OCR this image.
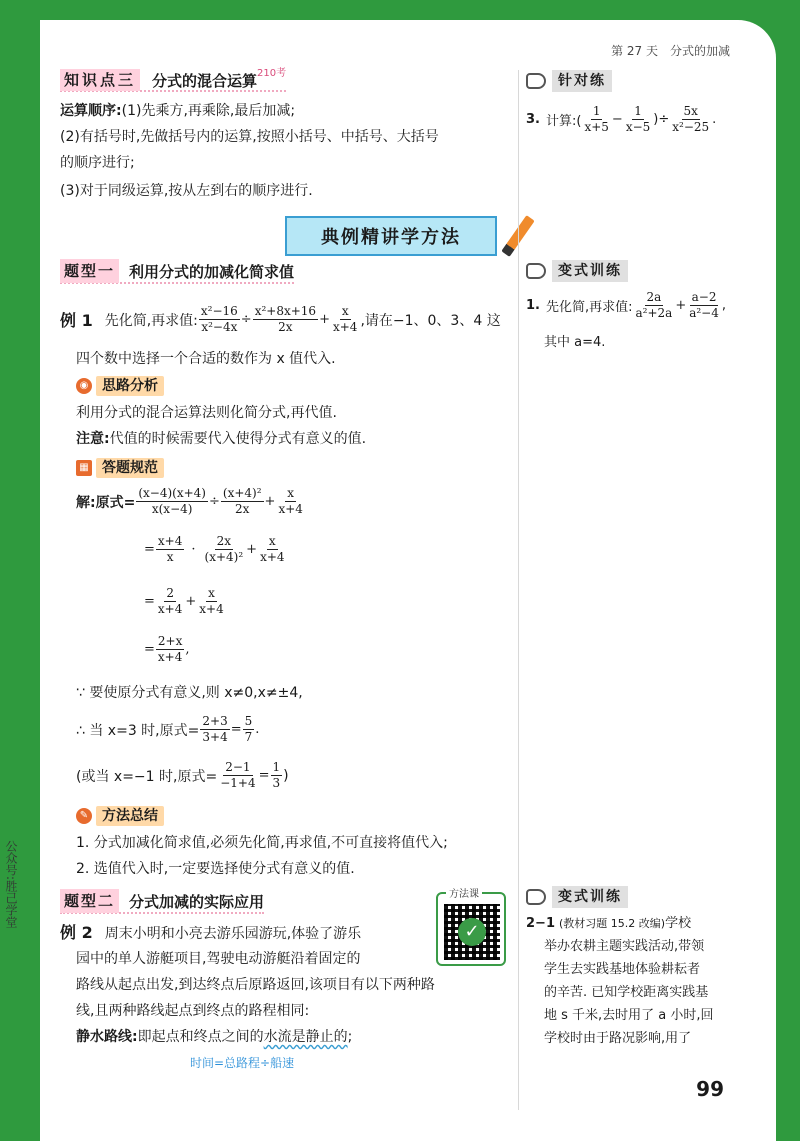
公众号:胜己学堂
第 27 天　分式的加减
知识点三 分式的混合运算$^{210考}$
运算顺序:(1)先乘方,再乘除,最后加减;
(2)有括号时,先做括号内的运算,按照小括号、中括号、大括号
的顺序进行;
(3)对于同级运算,按从左到右的顺序进行.
典例精讲学方法
题型一 利用分式的加减化简求值
例 1 先化简,再求值: $\frac{\text{x²−16}}{\text{x²−4x}} \div \frac{\text{x²+8x+16}}{2x} + \frac{x}{x+4}$ ,请在−1、0、3、4 这
四个数中选择一个合适的数作为 x 值代入.
◉ 思路分析
利用分式的混合运算法则化简分式,再代值.
注意:代值的时候需要代入使得分式有意义的值.
▦ 答题规范
解:原式= $\frac{(x-4)(x+4)}{x(x-4)} \div \frac{\text{(x+4)²}}{2x} + \frac{x}{x+4}$
= $\frac{x+4}{x} \cdot \frac{2x}{\text{(x+4)²}} + \frac{x}{x+4}$
= $\frac{2}{x+4} + \frac{x}{x+4}$
= $\frac{2+x}{x+4}$ ,
∵ 要使原分式有意义,则 x≠0,x≠±4,
∴ 当 x=3 时,原式= $\frac{2+3}{3+4} = \frac{5}{7}$ .
(或当 x=−1 时,原式= $\frac{2-1}{-1+4} = \frac{1}{3}$ )
✎ 方法总结
1. 分式加减化简求值,必须先化简,再求值,不可直接将值代入;
2. 选值代入时,一定要选择使分式有意义的值.
题型二 分式加减的实际应用	方法课
✓
例 2 周末小明和小亮去游乐园游玩,体验了游乐
园中的单人游艇项目,驾驶电动游艇沿着固定的
路线从起点出发,到达终点后原路返回,该项目有以下两种路
线,且两种路线起点到终点的路程相同:
静水路线:即起点和终点之间的水流是静止的;
时间=总路程÷船速
针对练
3. 计算:( $\frac{1}{x+5} - \frac{1}{x-5}$ )÷ $\frac{5x}{\text{x²−25}}$ .
变式训练
1. 先化简,再求值: $\frac{2a}{\text{a²+2a}} + \frac{a-2}{\text{a²−4}}$ ,
其中 a=4.
变式训练
2−1 (教材习题 15.2 改编)学校
举办农耕主题实践活动,带领
学生去实践基地体验耕耘者
的辛苦. 已知学校距离实践基
地 s 千米,去时用了 a 小时,回
学校时由于路况影响,用了
99
